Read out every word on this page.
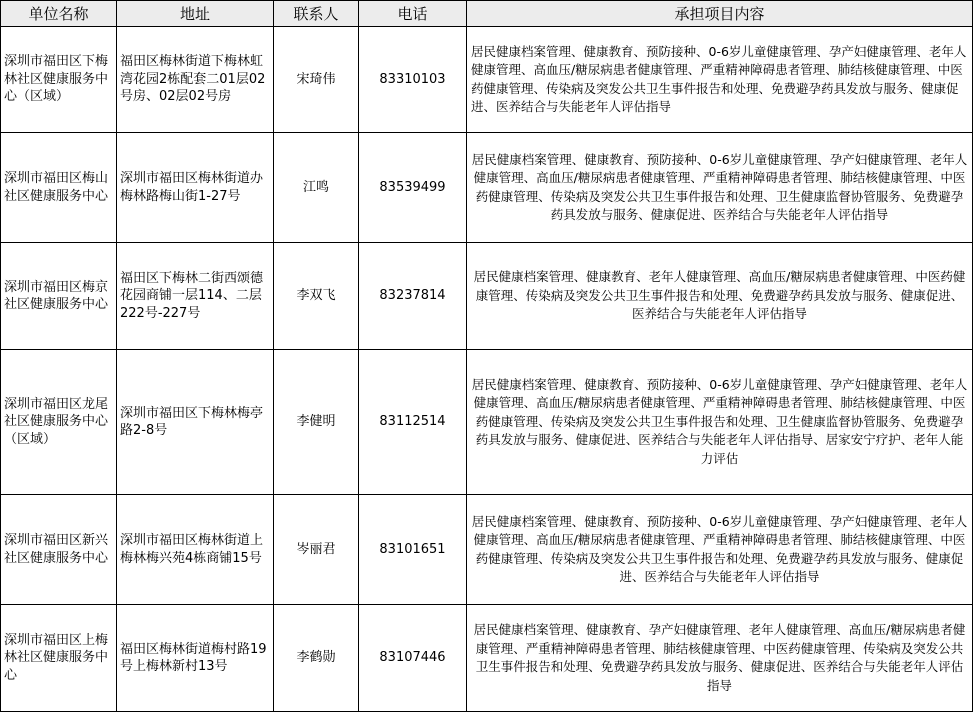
单位名称	地址	联系人	电话	承担项目内容
深圳市福田区下梅林社区健康服务中心（区域）	福田区梅林街道下梅林虹湾花园2栋配套二01层02号房、02层02号房	宋琦伟	83310103	居民健康档案管理、健康教育、预防接种、0-6岁儿童健康管理、孕产妇健康管理、老年人健康管理、高血压/糖尿病患者健康管理、严重精神障碍患者管理、肺结核健康管理、中医药健康管理、传染病及突发公共卫生事件报告和处理、免费避孕药具发放与服务、健康促进、医养结合与失能老年人评估指导
深圳市福田区梅山社区健康服务中心	深圳市福田区梅林街道办梅林路梅山街1-27号	江鸣	83539499	居民健康档案管理、健康教育、预防接种、0-6岁儿童健康管理、孕产妇健康管理、老年人健康管理、高血压/糖尿病患者健康管理、严重精神障碍患者管理、肺结核健康管理、中医药健康管理、传染病及突发公共卫生事件报告和处理、卫生健康监督协管服务、免费避孕药具发放与服务、健康促进、医养结合与失能老年人评估指导
深圳市福田区梅京社区健康服务中心	福田区下梅林二街西颂德花园商铺一层114、二层222号-227号	李双飞	83237814	居民健康档案管理、健康教育、老年人健康管理、高血压/糖尿病患者健康管理、中医药健康管理、传染病及突发公共卫生事件报告和处理、免费避孕药具发放与服务、健康促进、医养结合与失能老年人评估指导
深圳市福田区龙尾社区健康服务中心（区域）	深圳市福田区下梅林梅亭路2-8号	李健明	83112514	居民健康档案管理、健康教育、预防接种、0-6岁儿童健康管理、孕产妇健康管理、老年人健康管理、高血压/糖尿病患者健康管理、严重精神障碍患者管理、肺结核健康管理、中医药健康管理、传染病及突发公共卫生事件报告和处理、卫生健康监督协管服务、免费避孕药具发放与服务、健康促进、医养结合与失能老年人评估指导、居家安宁疗护、老年人能力评估
深圳市福田区新兴社区健康服务中心	深圳市福田区梅林街道上梅林梅兴苑4栋商铺15号	岑丽君	83101651	居民健康档案管理、健康教育、预防接种、0-6岁儿童健康管理、孕产妇健康管理、老年人健康管理、高血压/糖尿病患者健康管理、严重精神障碍患者管理、肺结核健康管理、中医药健康管理、传染病及突发公共卫生事件报告和处理、免费避孕药具发放与服务、健康促进、医养结合与失能老年人评估指导
深圳市福田区上梅林社区健康服务中心	福田区梅林街道梅村路19号上梅林新村13号	李鹤勋	83107446	居民健康档案管理、健康教育、孕产妇健康管理、老年人健康管理、高血压/糖尿病患者健康管理、严重精神障碍患者管理、肺结核健康管理、中医药健康管理、传染病及突发公共卫生事件报告和处理、免费避孕药具发放与服务、健康促进、医养结合与失能老年人评估指导
